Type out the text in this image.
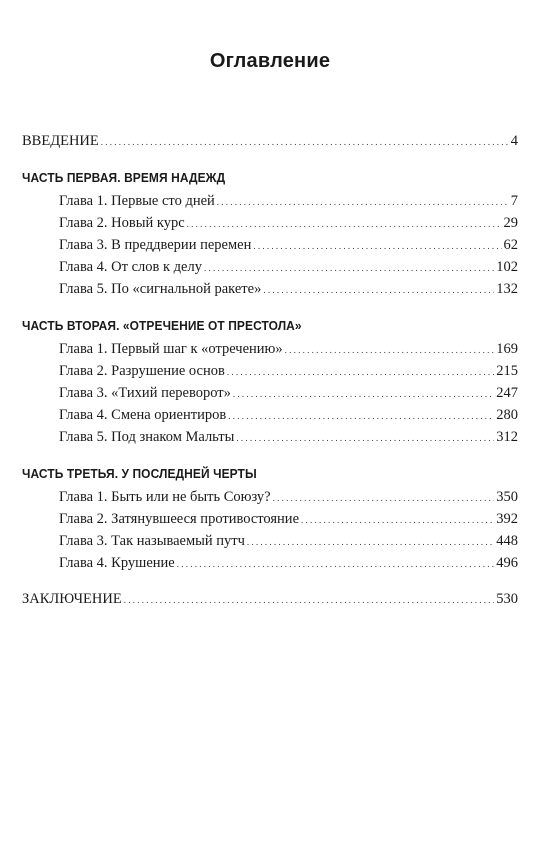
Оглавление
ВВЕДЕНИЕ . . .	4
ЧАСТЬ ПЕРВАЯ. ВРЕМЯ НАДЕЖД
Глава 1. Первые сто дней . . .	7
Глава 2. Новый курс . . .	29
Глава 3. В преддверии перемен . . .	62
Глава 4. От слов к делу . . .	102
Глава 5. По «сигнальной ракете» . . .	132
ЧАСТЬ ВТОРАЯ. «ОТРЕЧЕНИЕ ОТ ПРЕСТОЛА»
Глава 1. Первый шаг к «отречению» . . .	169
Глава 2. Разрушение основ . . .	215
Глава 3. «Тихий переворот» . . .	247
Глава 4. Смена ориентиров . . .	280
Глава 5. Под знаком Мальты . . .	312
ЧАСТЬ ТРЕТЬЯ. У ПОСЛЕДНЕЙ ЧЕРТЫ
Глава 1. Быть или не быть Союзу? . . .	350
Глава 2. Затянувшееся противостояние . . .	392
Глава 3. Так называемый путч . . .	448
Глава 4. Крушение . . .	496
ЗАКЛЮЧЕНИЕ . . .	530
